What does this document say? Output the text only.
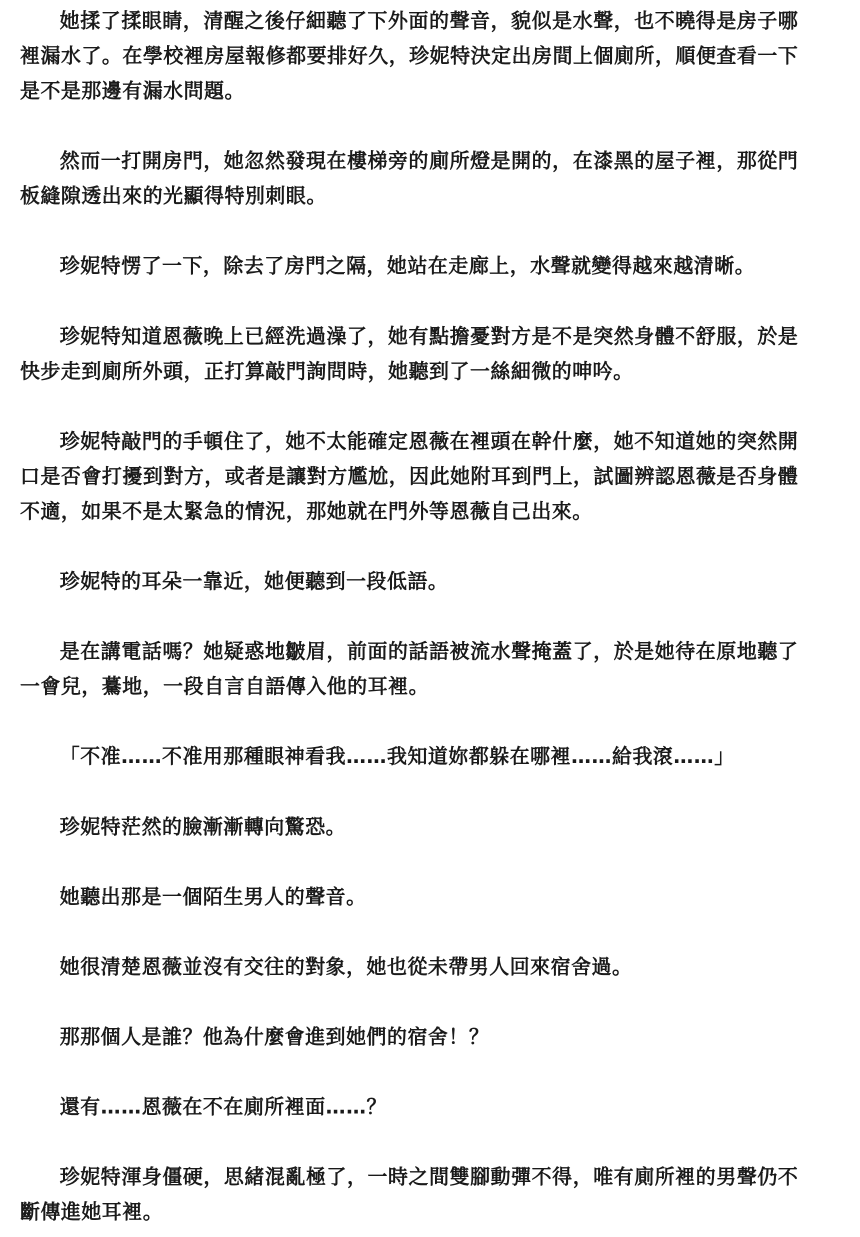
她揉了揉眼睛，清醒之後仔細聽了下外面的聲音，貌似是水聲，也不曉得是房子哪裡漏水了。在學校裡房屋報修都要排好久，珍妮特決定出房間上個廁所，順便查看一下是不是那邊有漏水問題。

然而一打開房門，她忽然發現在樓梯旁的廁所燈是開的，在漆黑的屋子裡，那從門板縫隙透出來的光顯得特別刺眼。

珍妮特愣了一下，除去了房門之隔，她站在走廊上，水聲就變得越來越清晰。

珍妮特知道恩薇晚上已經洗過澡了，她有點擔憂對方是不是突然身體不舒服，於是快步走到廁所外頭，正打算敲門詢問時，她聽到了一絲細微的呻吟。

珍妮特敲門的手頓住了，她不太能確定恩薇在裡頭在幹什麼，她不知道她的突然開口是否會打擾到對方，或者是讓對方尷尬，因此她附耳到門上，試圖辨認恩薇是否身體不適，如果不是太緊急的情況，那她就在門外等恩薇自己出來。

珍妮特的耳朵一靠近，她便聽到一段低語。

是在講電話嗎？她疑惑地皺眉，前面的話語被流水聲掩蓋了，於是她待在原地聽了一會兒，驀地，一段自言自語傳入他的耳裡。

「不准……不准用那種眼神看我……我知道妳都躲在哪裡……給我滾……」

珍妮特茫然的臉漸漸轉向驚恐。

她聽出那是一個陌生男人的聲音。

她很清楚恩薇並沒有交往的對象，她也從未帶男人回來宿舍過。

那那個人是誰？他為什麼會進到她們的宿舍！？

還有……恩薇在不在廁所裡面……？

珍妮特渾身僵硬，思緒混亂極了，一時之間雙腳動彈不得，唯有廁所裡的男聲仍不斷傳進她耳裡。
